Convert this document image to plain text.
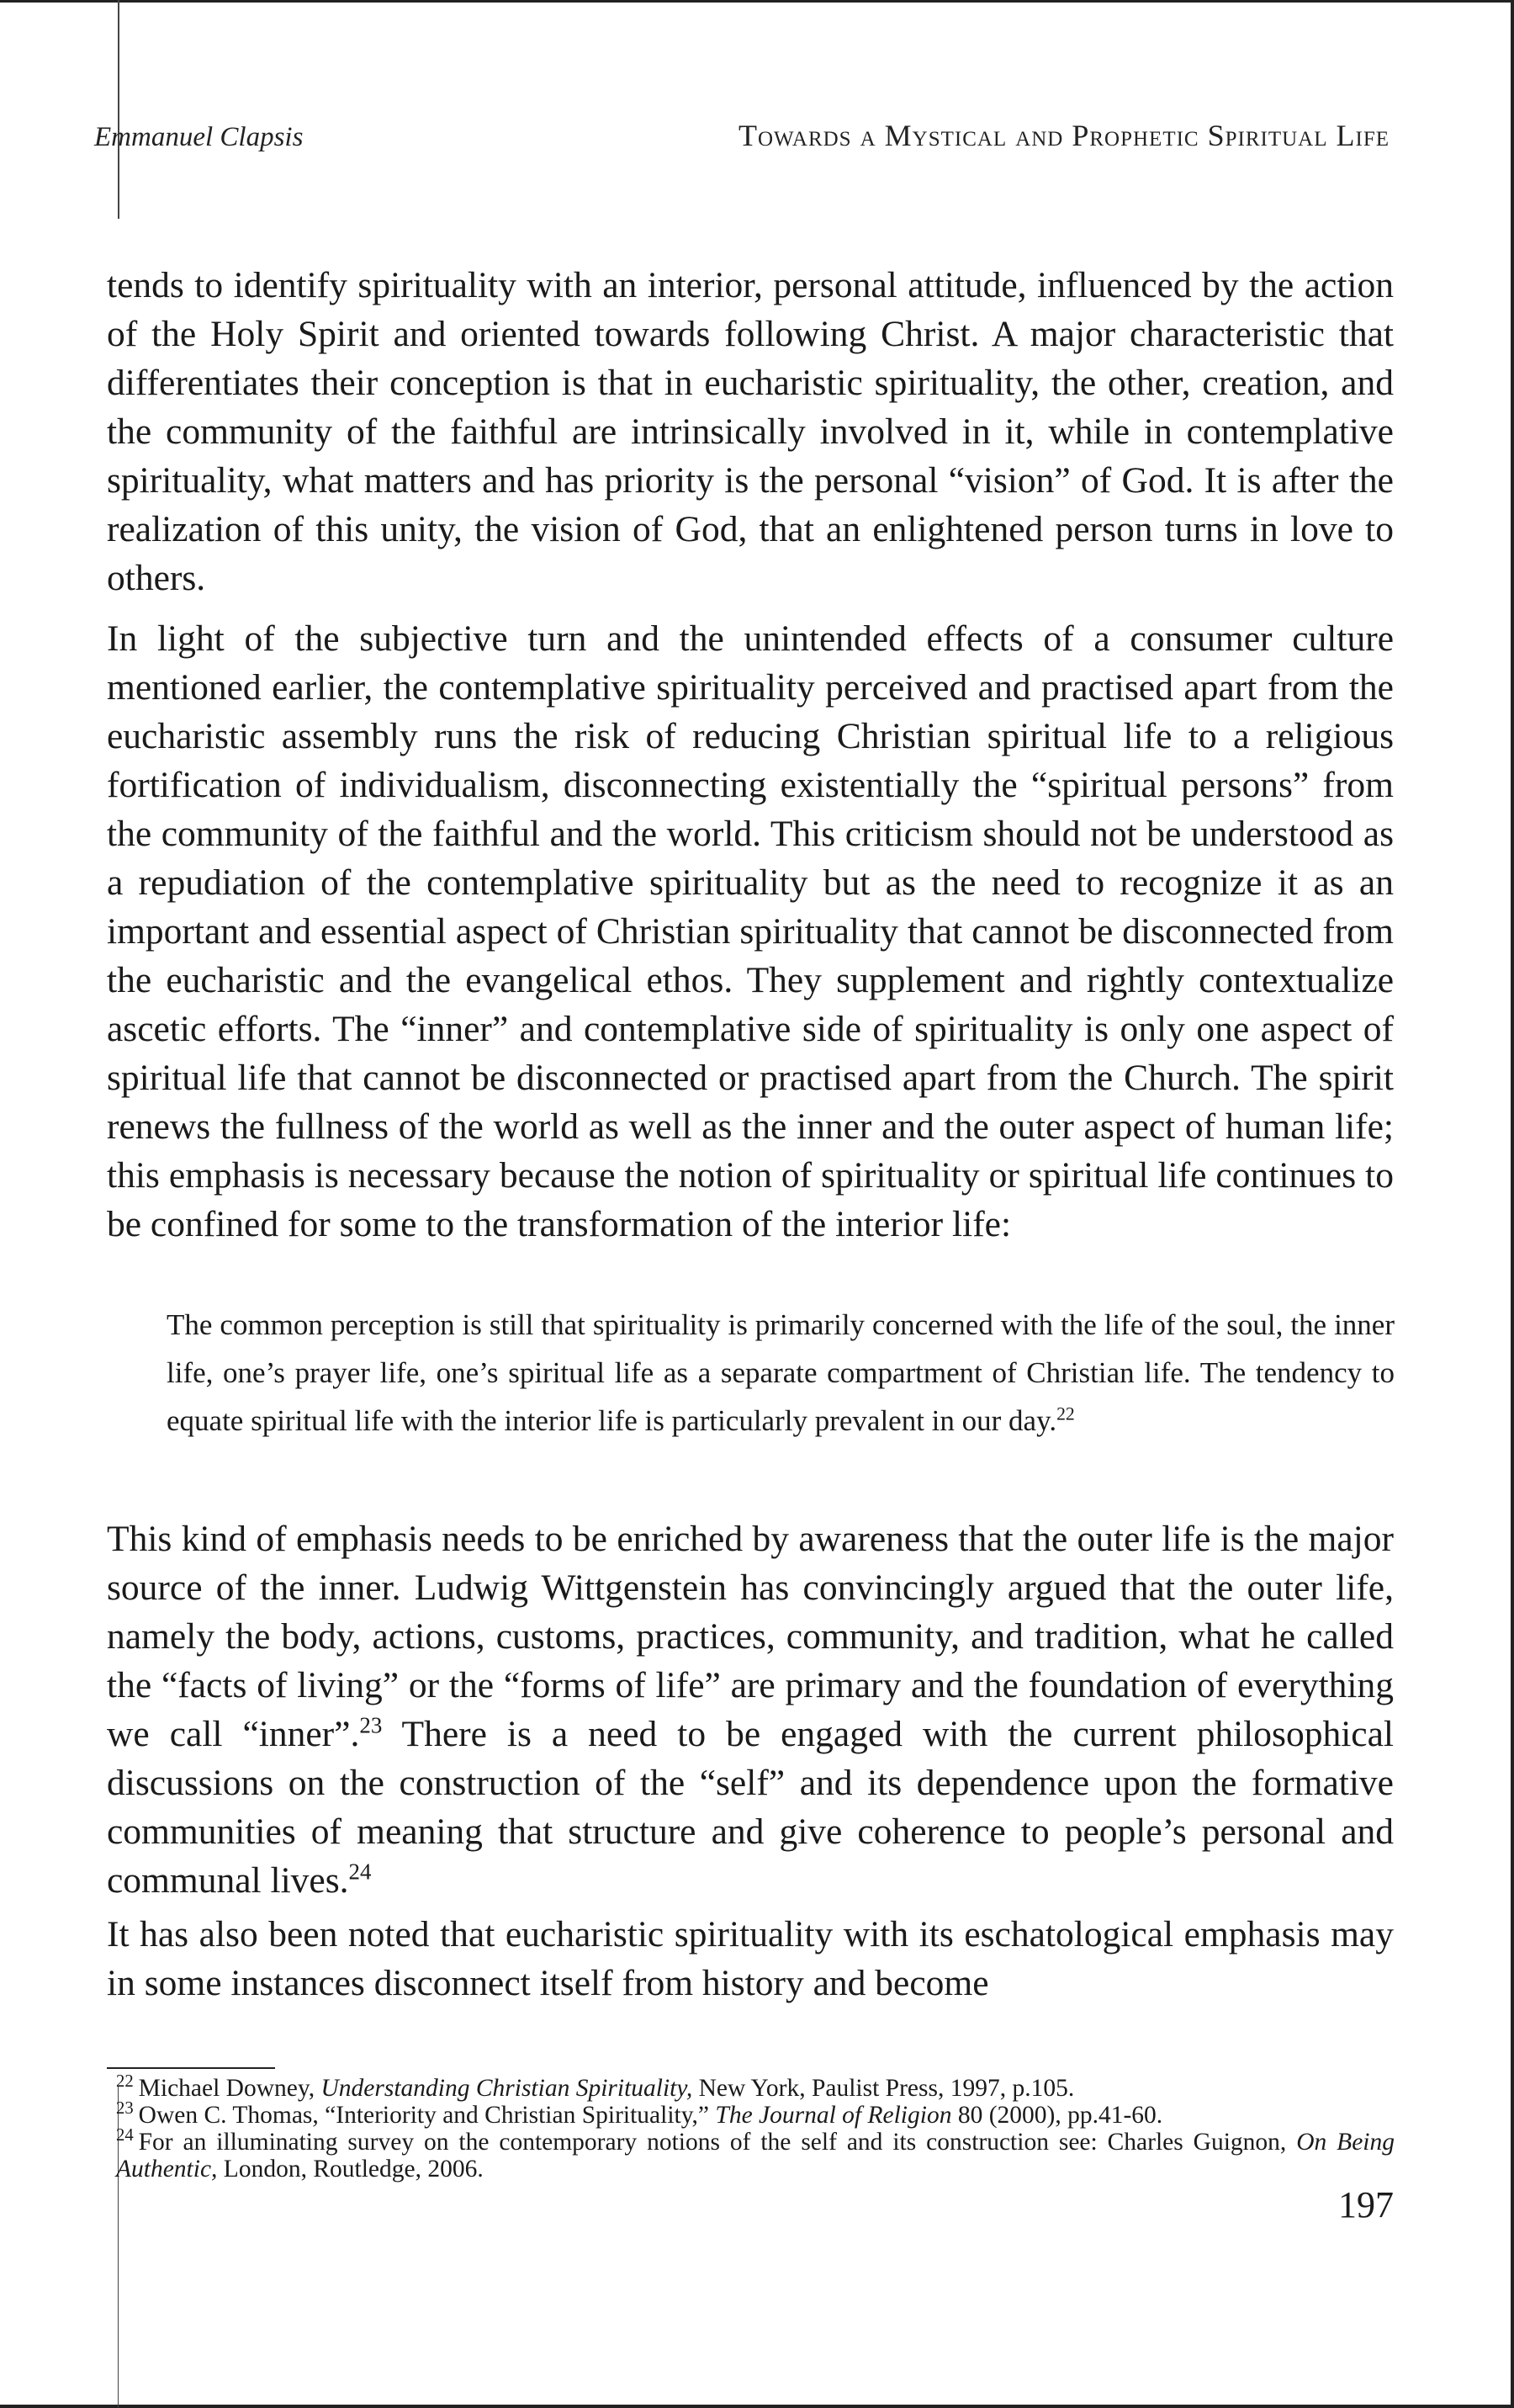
Emmanuel Clapsis	Towards a Mystical and Prophetic Spiritual Life

tends to identify spirituality with an interior, personal attitude, influenced by the action of the Holy Spirit and oriented towards following Christ. A major characteristic that differentiates their conception is that in eucharistic spirituality, the other, creation, and the community of the faithful are intrinsically involved in it, while in contemplative spirituality, what matters and has priority is the personal “vision” of God. It is after the realization of this unity, the vision of God, that an enlightened person turns in love to others.

In light of the subjective turn and the unintended effects of a consumer culture mentioned earlier, the contemplative spirituality perceived and practised apart from the eucharistic assembly runs the risk of reducing Christian spiritual life to a religious fortification of individualism, disconnecting existentially the “spiritual persons” from the community of the faithful and the world. This criticism should not be understood as a repudiation of the contemplative spirituality but as the need to recognize it as an important and essential aspect of Christian spirituality that cannot be disconnected from the eucharistic and the evangelical ethos. They supplement and rightly contextualize ascetic efforts. The “inner” and contemplative side of spirituality is only one aspect of spiritual life that cannot be disconnected or practised apart from the Church. The spirit renews the fullness of the world as well as the inner and the outer aspect of human life; this emphasis is necessary because the notion of spirituality or spiritual life continues to be confined for some to the transformation of the interior life:

The common perception is still that spirituality is primarily concerned with the life of the soul, the inner life, one’s prayer life, one’s spiritual life as a separate compartment of Christian life. The tendency to equate spiritual life with the interior life is particularly prevalent in our day.$^{22}$

This kind of emphasis needs to be enriched by awareness that the outer life is the major source of the inner. Ludwig Wittgenstein has convincingly argued that the outer life, namely the body, actions, customs, practices, community, and tradition, what he called the “facts of living” or the “forms of life” are primary and the foundation of everything we call “inner”.$^{23}$ There is a need to be engaged with the current philosophical discussions on the construction of the “self” and its dependence upon the formative communities of meaning that structure and give coherence to people’s personal and communal lives.$^{24}$

It has also been noted that eucharistic spirituality with its eschatological emphasis may in some instances disconnect itself from history and become

$^{22}$ Michael Downey, Understanding Christian Spirituality, New York, Paulist Press, 1997, p.105.

$^{23}$ Owen C. Thomas, “Interiority and Christian Spirituality,” The Journal of Religion 80 (2000), pp.41-60.

$^{24}$ For an illuminating survey on the contemporary notions of the self and its construction see: Charles Guignon, On Being Authentic, London, Routledge, 2006.

197
